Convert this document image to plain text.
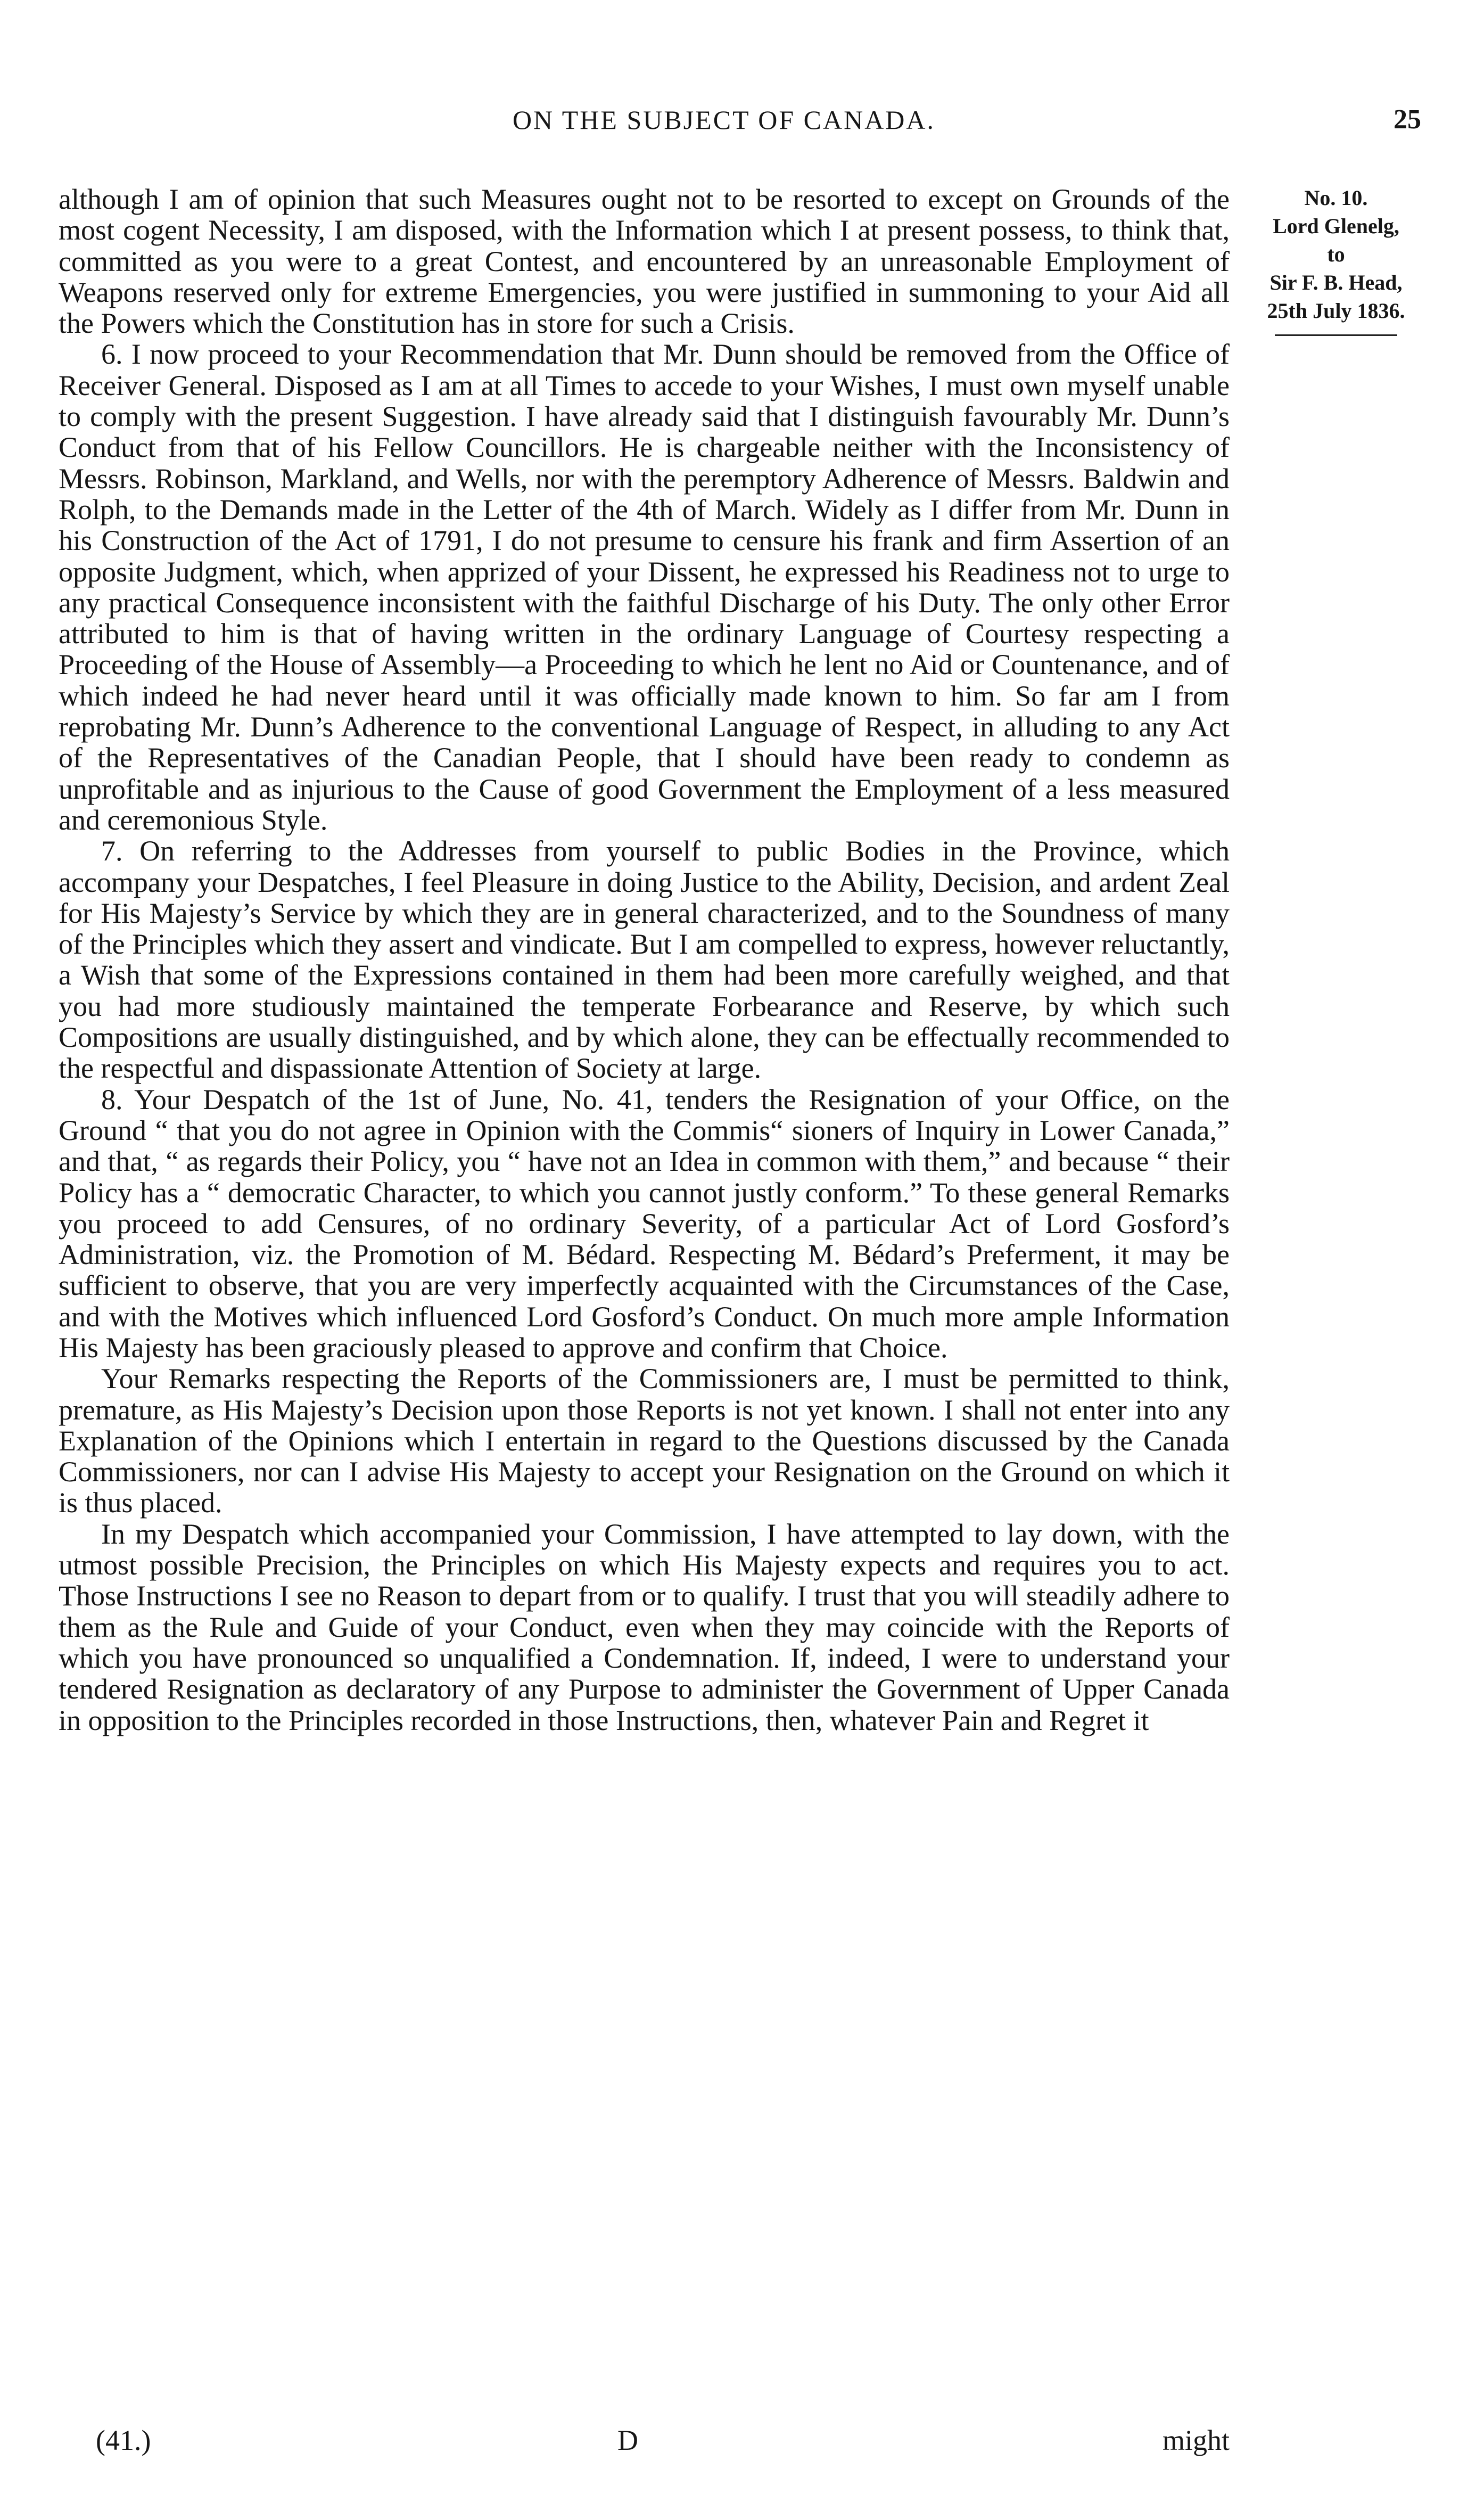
ON THE SUBJECT OF CANADA.	25
No. 10.
Lord Glenelg,
to
Sir F. B. Head,
25th July 1836.

although I am of opinion that such Measures ought not to be resorted to except on Grounds of the most cogent Necessity, I am disposed, with the Information which I at present possess, to think that, committed as you were to a great Contest, and encountered by an unreasonable Employment of Weapons reserved only for extreme Emergencies, you were justified in summoning to your Aid all the Powers which the Constitution has in store for such a Crisis.

6. I now proceed to your Recommendation that Mr. Dunn should be removed from the Office of Receiver General. Disposed as I am at all Times to accede to your Wishes, I must own myself unable to comply with the present Suggestion. I have already said that I distinguish favourably Mr. Dunn’s Conduct from that of his Fellow Councillors. He is chargeable neither with the Inconsistency of Messrs. Robinson, Markland, and Wells, nor with the peremptory Adherence of Messrs. Baldwin and Rolph, to the Demands made in the Letter of the 4th of March. Widely as I differ from Mr. Dunn in his Construction of the Act of 1791, I do not presume to censure his frank and firm Assertion of an opposite Judgment, which, when apprized of your Dissent, he expressed his Readiness not to urge to any practical Consequence inconsistent with the faithful Discharge of his Duty. The only other Error attributed to him is that of having written in the ordinary Language of Courtesy respecting a Proceeding of the House of Assembly—a Proceeding to which he lent no Aid or Countenance, and of which indeed he had never heard until it was officially made known to him. So far am I from reprobating Mr. Dunn’s Adherence to the conventional Language of Respect, in alluding to any Act of the Representatives of the Canadian People, that I should have been ready to condemn as unprofitable and as injurious to the Cause of good Government the Employment of a less measured and ceremonious Style.

7. On referring to the Addresses from yourself to public Bodies in the Province, which accompany your Despatches, I feel Pleasure in doing Justice to the Ability, Decision, and ardent Zeal for His Majesty’s Service by which they are in general characterized, and to the Soundness of many of the Principles which they assert and vindicate. But I am compelled to express, however reluctantly, a Wish that some of the Expressions contained in them had been more carefully weighed, and that you had more studiously maintained the temperate Forbearance and Reserve, by which such Compositions are usually distinguished, and by which alone, they can be effectually recommended to the respectful and dispassionate Attention of Society at large.

8. Your Despatch of the 1st of June, No. 41, tenders the Resignation of your Office, on the Ground “ that you do not agree in Opinion with the Commis“ sioners of Inquiry in Lower Canada,” and that, “ as regards their Policy, you “ have not an Idea in common with them,” and because “ their Policy has a “ democratic Character, to which you cannot justly conform.” To these general Remarks you proceed to add Censures, of no ordinary Severity, of a particular Act of Lord Gosford’s Administration, viz. the Promotion of M. Bédard. Respecting M. Bédard’s Preferment, it may be sufficient to observe, that you are very imperfectly acquainted with the Circumstances of the Case, and with the Motives which influenced Lord Gosford’s Conduct. On much more ample Information His Majesty has been graciously pleased to approve and confirm that Choice.

Your Remarks respecting the Reports of the Commissioners are, I must be permitted to think, premature, as His Majesty’s Decision upon those Reports is not yet known. I shall not enter into any Explanation of the Opinions which I entertain in regard to the Questions discussed by the Canada Commissioners, nor can I advise His Majesty to accept your Resignation on the Ground on which it is thus placed.

In my Despatch which accompanied your Commission, I have attempted to lay down, with the utmost possible Precision, the Principles on which His Majesty expects and requires you to act. Those Instructions I see no Reason to depart from or to qualify. I trust that you will steadily adhere to them as the Rule and Guide of your Conduct, even when they may coincide with the Reports of which you have pronounced so unqualified a Condemnation. If, indeed, I were to understand your tendered Resignation as declaratory of any Purpose to administer the Government of Upper Canada in opposition to the Principles recorded in those Instructions, then, whatever Pain and Regret it

(41.)	D	might
